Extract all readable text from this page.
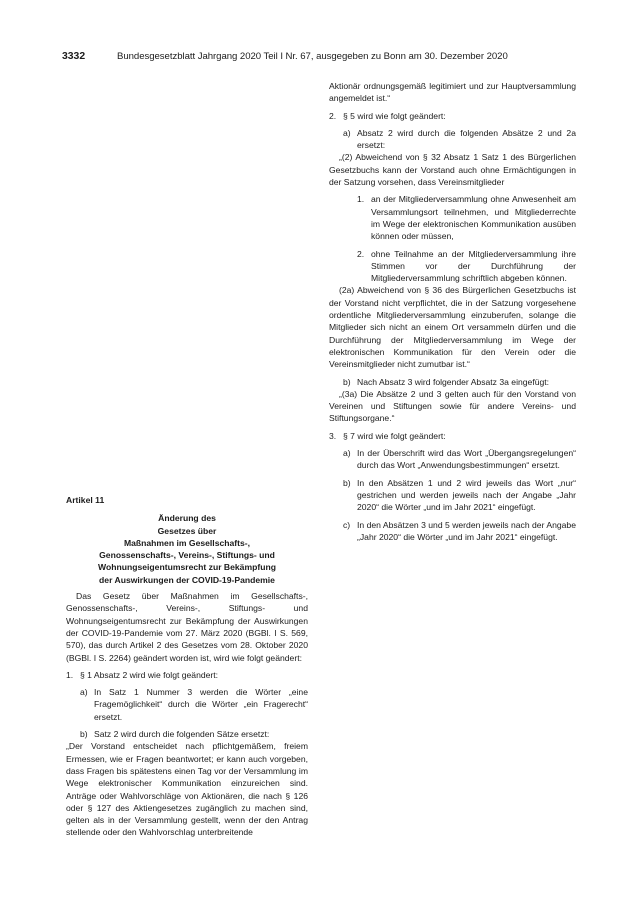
3332	Bundesgesetzblatt Jahrgang 2020 Teil I Nr. 67, ausgegeben zu Bonn am 30. Dezember 2020

Artikel 11

Änderung des
Gesetzes über
Maßnahmen im Gesellschafts-,
Genossenschafts-, Vereins-, Stiftungs- und
Wohnungseigentumsrecht zur Bekämpfung
der Auswirkungen der COVID-19-Pandemie

Das Gesetz über Maßnahmen im Gesellschafts-, Genossenschafts-, Vereins-, Stiftungs- und Wohnungseigentumsrecht zur Bekämpfung der Auswirkungen der COVID-19-Pandemie vom 27. März 2020 (BGBl. I S. 569, 570), das durch Artikel 2 des Gesetzes vom 28. Oktober 2020 (BGBl. I S. 2264) geändert worden ist, wird wie folgt geändert:

1. § 1 Absatz 2 wird wie folgt geändert:
a) In Satz 1 Nummer 3 werden die Wörter „eine Fragemöglichkeit“ durch die Wörter „ein Fragerecht“ ersetzt.
b) Satz 2 wird durch die folgenden Sätze ersetzt:

„Der Vorstand entscheidet nach pflichtgemäßem, freiem Ermessen, wie er Fragen beantwortet; er kann auch vorgeben, dass Fragen bis spätestens einen Tag vor der Versammlung im Wege elektronischer Kommunikation einzureichen sind. Anträge oder Wahlvorschläge von Aktionären, die nach § 126 oder § 127 des Aktiengesetzes zugänglich zu machen sind, gelten als in der Versammlung gestellt, wenn der den Antrag stellende oder den Wahlvorschlag unterbreitende

Aktionär ordnungsgemäß legitimiert und zur Hauptversammlung angemeldet ist.“

2. § 5 wird wie folgt geändert:
a) Absatz 2 wird durch die folgenden Absätze 2 und 2a ersetzt:

„(2) Abweichend von § 32 Absatz 1 Satz 1 des Bürgerlichen Gesetzbuchs kann der Vorstand auch ohne Ermächtigungen in der Satzung vorsehen, dass Vereinsmitglieder

1. an der Mitgliederversammlung ohne Anwesenheit am Versammlungsort teilnehmen, und Mitgliederrechte im Wege der elektronischen Kommunikation ausüben können oder müssen,
2. ohne Teilnahme an der Mitgliederversammlung ihre Stimmen vor der Durchführung der Mitgliederversammlung schriftlich abgeben können.

(2a) Abweichend von § 36 des Bürgerlichen Gesetzbuchs ist der Vorstand nicht verpflichtet, die in der Satzung vorgesehene ordentliche Mitgliederversammlung einzuberufen, solange die Mitglieder sich nicht an einem Ort versammeln dürfen und die Durchführung der Mitgliederversammlung im Wege der elektronischen Kommunikation für den Verein oder die Vereinsmitglieder nicht zumutbar ist.“

b) Nach Absatz 3 wird folgender Absatz 3a eingefügt:

„(3a) Die Absätze 2 und 3 gelten auch für den Vorstand von Vereinen und Stiftungen sowie für andere Vereins- und Stiftungsorgane.“

3. § 7 wird wie folgt geändert:
a) In der Überschrift wird das Wort „Übergangsregelungen“ durch das Wort „Anwendungsbestimmungen“ ersetzt.
b) In den Absätzen 1 und 2 wird jeweils das Wort „nur“ gestrichen und werden jeweils nach der Angabe „Jahr 2020“ die Wörter „und im Jahr 2021“ eingefügt.
c) In den Absätzen 3 und 5 werden jeweils nach der Angabe „Jahr 2020“ die Wörter „und im Jahr 2021“ eingefügt.
